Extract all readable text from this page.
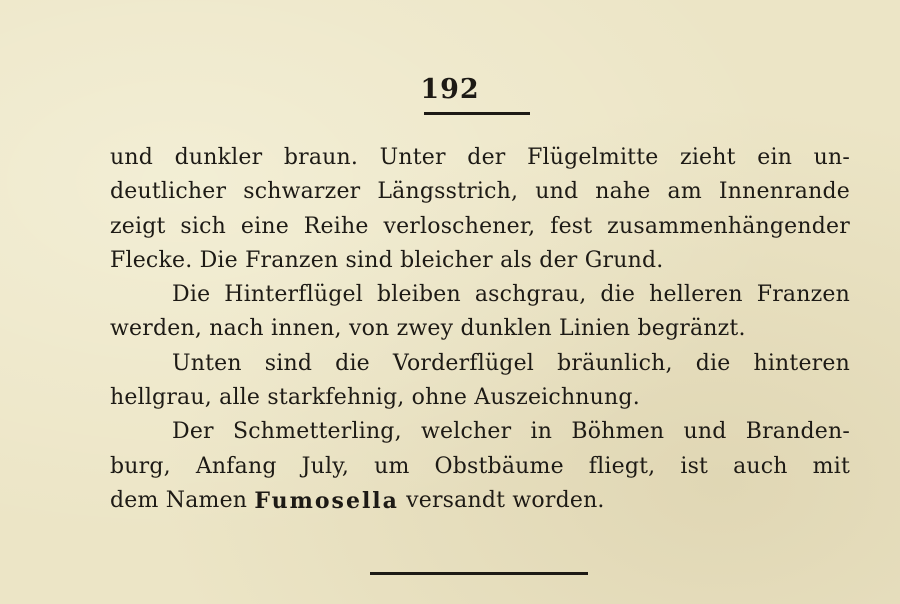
192
und dunkler braun. Unter der Flügelmitte zieht ein un-
deutlicher schwarzer Längsstrich, und nahe am Innenrande
zeigt sich eine Reihe verloschener, fest zusammenhängender
Flecke. Die Franzen sind bleicher als der Grund.
Die Hinterflügel bleiben aschgrau, die helleren Franzen
werden, nach innen, von zwey dunklen Linien begränzt.
Unten sind die Vorderflügel bräunlich, die hinteren
hellgrau, alle starkfehnig, ohne Auszeichnung.
Der Schmetterling, welcher in Böhmen und Branden-
burg, Anfang July, um Obstbäume fliegt, ist auch mit
dem Namen Fumosella versandt worden.
